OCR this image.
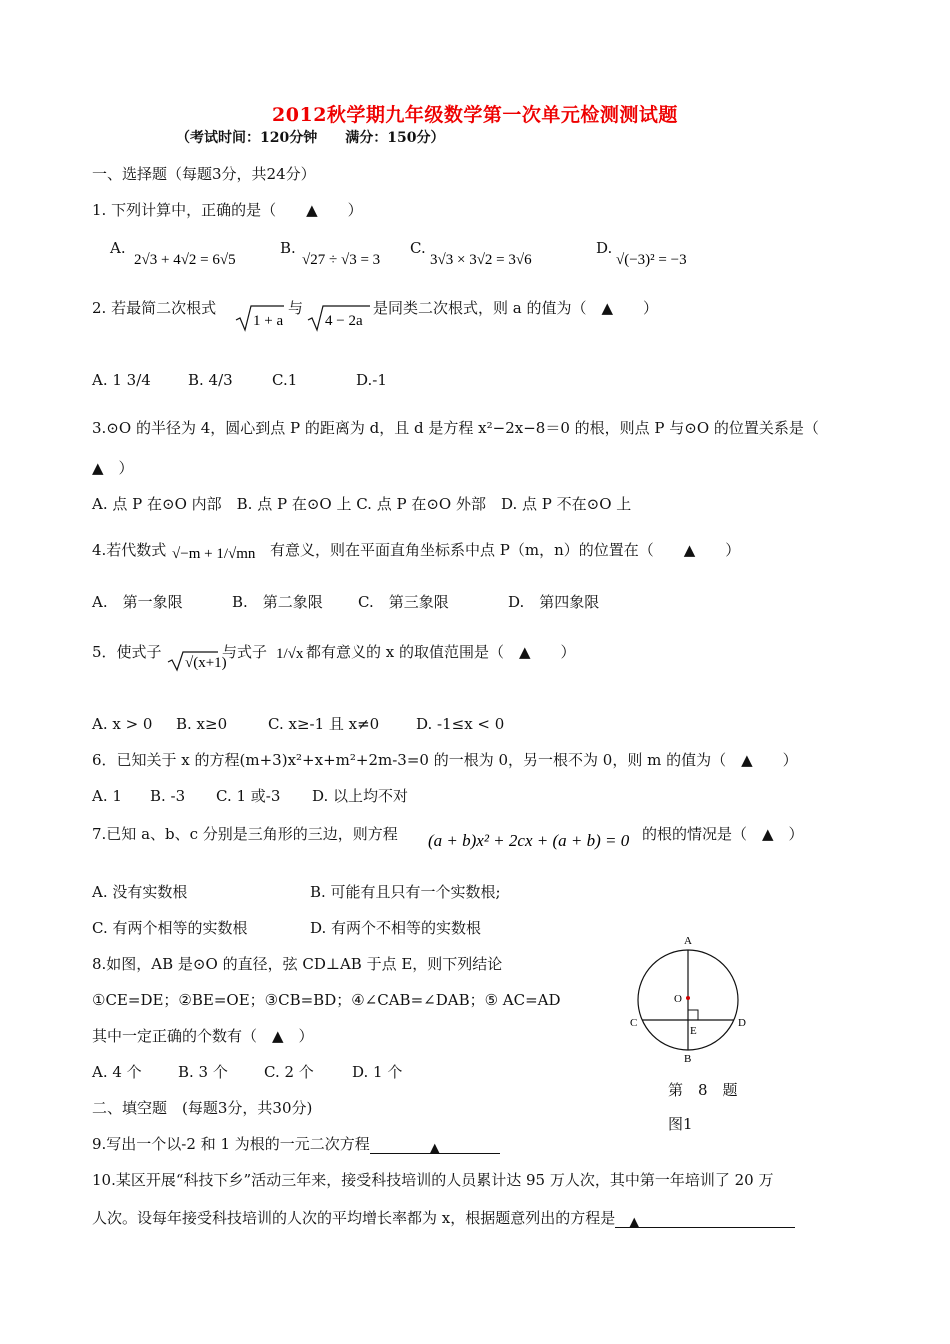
2012秋学期九年级数学第一次单元检测测试题
（考试时间：120分钟　　满分：150分）
一、选择题（每题3分，共24分）
1. 下列计算中，正确的是（　　▲　　）
A.
2√3 + 4√2 = 6√5
B.
√27 ÷ √3 = 3
C.
3√3 × 3√2 = 3√6
D.
√(−3)² = −3
2. 若最简二次根式
1 + a
与
4 − 2a
是同类二次根式，则 a 的值为（　▲　　）
A. 1 3/4 B. 4/3	C.1	D.-1
3.⊙O 的半径为 4，圆心到点 P 的距离为 d，且 d 是方程 x²−2x−8＝0 的根，则点 P 与⊙O 的位置关系是（
▲　）
A. 点 P 在⊙O 内部　B. 点 P 在⊙O 上 C. 点 P 在⊙O 外部　D. 点 P 不在⊙O 上
4.若代数式 √−m + 1/√mn 有意义，则在平面直角坐标系中点 P（m，n）的位置在（　　▲　　）
A.　第一象限	B.　第二象限 C.　第三象限	D.　第四象限
5．使式子
√(x+1)
与式子 1/√x 都有意义的 x 的取值范围是（　▲　　）
A. x > 0 B. x≥0	C. x≥-1 且 x≠0 D. -1≤x < 0
6．已知关于 x 的方程(m+3)x²+x+m²+2m-3=0 的一根为 0，另一根不为 0，则 m 的值为（　▲　　）
A. 1 B. -3 C. 1 或-3 D. 以上均不对
7.已知 a、b、c 分别是三角形的三边，则方程 (a + b)x² + 2cx + (a + b) = 0 的根的情况是（　▲　）
A. 没有实数根	B. 可能有且只有一个实数根;
C. 有两个相等的实数根	D. 有两个不相等的实数根
8.如图，AB 是⊙O 的直径，弦 CD⊥AB 于点 E，则下列结论
①CE=DE；②BE=OE；③CB=BD；④∠CAB=∠DAB；⑤ AC=AD
其中一定正确的个数有（　▲　）
A. 4 个 B. 3 个 C. 2 个	D. 1 个
A
B
C	D
E
O
第　8　题
图1
二、填空题　(每题3分，共30分)
9.写出一个以-2 和 1 为根的一元二次方程	▲
10.某区开展“科技下乡”活动三年来，接受科技培训的人员累计达 95 万人次，其中第一年培训了 20 万
人次。设每年接受科技培训的人次的平均增长率都为 x，根据题意列出的方程是 ▲
